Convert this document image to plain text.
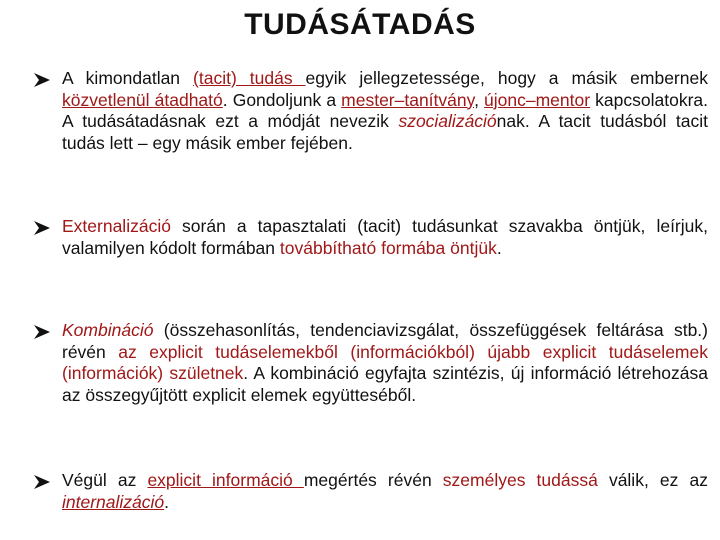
TUDÁSÁTADÁS
A kimondatlan (tacit) tudás egyik jellegzetessége, hogy a másik embernek közvetlenül átadható. Gondoljunk a mester–tanítvány, újonc–mentor kapcsolatokra. A tudásátadásnak ezt a módját nevezik szocializációnak. A tacit tudásból tacit tudás lett – egy másik ember fejében.
Externalizáció során a tapasztalati (tacit) tudásunkat szavakba öntjük, leírjuk, valamilyen kódolt formában továbbítható formába öntjük.
Kombináció (összehasonlítás, tendenciavizsgálat, összefüggések feltárása stb.) révén az explicit tudáselemekből (információkból) újabb explicit tudáselemek (információk) születnek. A kombináció egyfajta szintézis, új információ létrehozása az összegyűjtött explicit elemek együtteséből.
Végül az explicit információ megértés révén személyes tudássá válik, ez az internalizáció.
